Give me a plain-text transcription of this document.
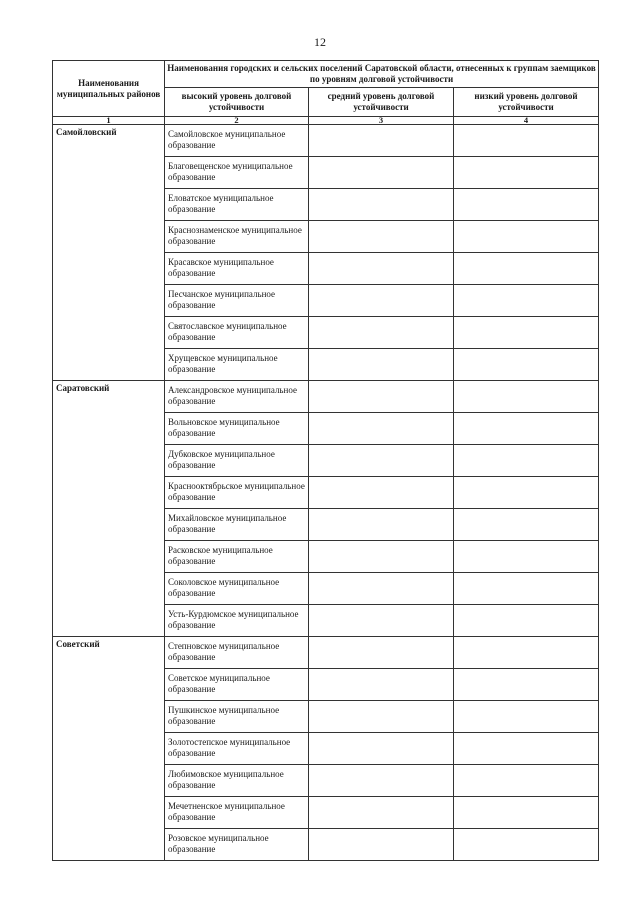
12
Наименования муниципальных районов	Наименования городских и сельских поселений Саратовской области, отнесенных к группам заемщиков по уровням долговой устойчивости		
	высокий уровень долговой устойчивости	средний уровень долговой устойчивости	низкий уровень долговой устойчивости
1	2	3	4
Самойловский	Самойловское муниципальное образование		
	Благовещенское муниципальное образование		
	Еловатское муниципальное образование		
	Краснознаменское муниципальное образование		
	Красавское муниципальное образование		
	Песчанское муниципальное образование		
	Святославское муниципальное образование		
	Хрущевское муниципальное образование		
Саратовский	Александровское муниципальное образование		
	Вольновское муниципальное образование		
	Дубковское муниципальное образование		
	Краснооктябрьское муниципальное образование		
	Михайловское муниципальное образование		
	Расковское муниципальное образование		
	Соколовское муниципальное образование		
	Усть-Курдюмское муниципальное образование		
Советский	Степновское муниципальное образование		
	Советское муниципальное образование		
	Пушкинское муниципальное образование		
	Золотостепское муниципальное образование		
	Любимовское муниципальное образование		
	Мечетненское муниципальное образование		
	Розовское муниципальное образование		
